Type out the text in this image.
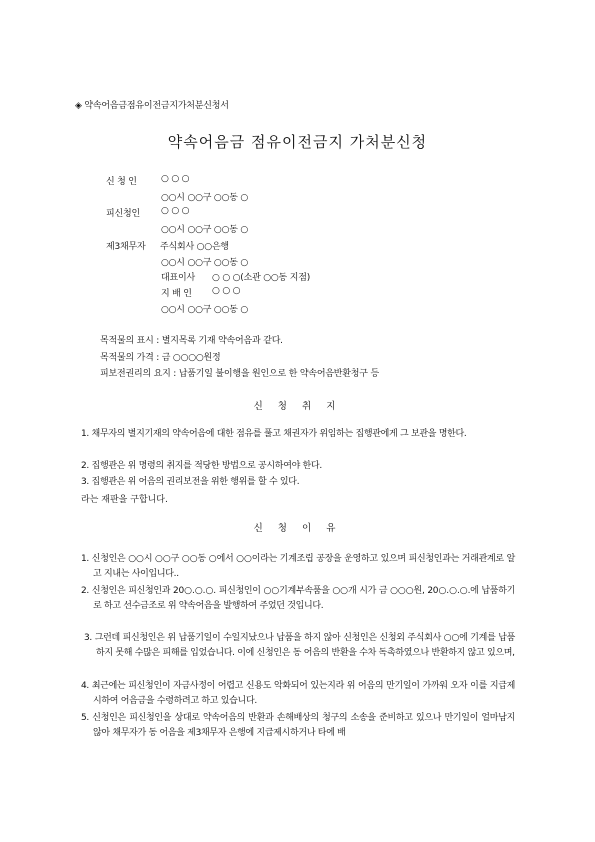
◈ 약속어음금점유이전금지가처분신청서
약속어음금 점유이전금지 가처분신청
신 청 인	○ ○ ○
○○시 ○○구 ○○동 ○
피신청인 ○ ○ ○
○○시 ○○구 ○○동 ○
제3채무자 주식회사 ○○은행
○○시 ○○구 ○○동 ○
대표이사 ○ ○ ○(소관 ○○동 지점)
지 배 인 ○ ○ ○
○○시 ○○구 ○○동 ○
목적물의 표시 : 별지목록 기재 약속어음과 같다.
목적물의 가격 : 금 ○○○○원정
피보전권리의 요지 : 납품기일 불이행을 원인으로 한 약속어음반환청구 등
신 청 취 지
1. 채무자의 별지기재의 약속어음에 대한 점유를 풀고 채권자가 위임하는 집행관에게 그 보관을 명한다.
2. 집행관은 위 명령의 취지를 적당한 방법으로 공시하여야 한다.
3. 집행관은 위 어음의 권리보전을 위한 행위를 할 수 있다.
라는 재판을 구합니다.
신 청 이 유
1. 신청인은 ○○시 ○○구 ○○동 ○에서 ○○이라는 기계조립 공장을 운영하고 있으며 피신청인과는 거래관계로 알고 지내는 사이입니다..
2. 신청인은 피신청인과 20○.○.○. 피신청인이 ○○기계부속품을 ○○개 시가 금 ○○○원, 20○.○.○.에 납품하기로 하고 선수금조로 위 약속어음을 발행하여 주었던 것입니다.
3. 그런데 피신청인은 위 납품기일이 수일지났으나 납품을 하지 않아 신청인은 신청외 주식회사 ○○에 기계를 납품하지 못해 수많은 피해를 입었습니다. 이에 신청인은 동 어음의 반환을 수차 독촉하였으나 반환하지 않고 있으며,
4. 최근에는 피신청인이 자금사정이 어렵고 신용도 악화되어 있는지라 위 어음의 만기일이 가까워 오자 이를 지급제시하여 어음금을 수령하려고 하고 있습니다.
5. 신청인은 피신청인을 상대로 약속어음의 반환과 손해배상의 청구의 소송을 준비하고 있으나 만기일이 얼마남지 않아 채무자가 동 어음을 제3채무자 은행에 지급제시하거나 타에 배
